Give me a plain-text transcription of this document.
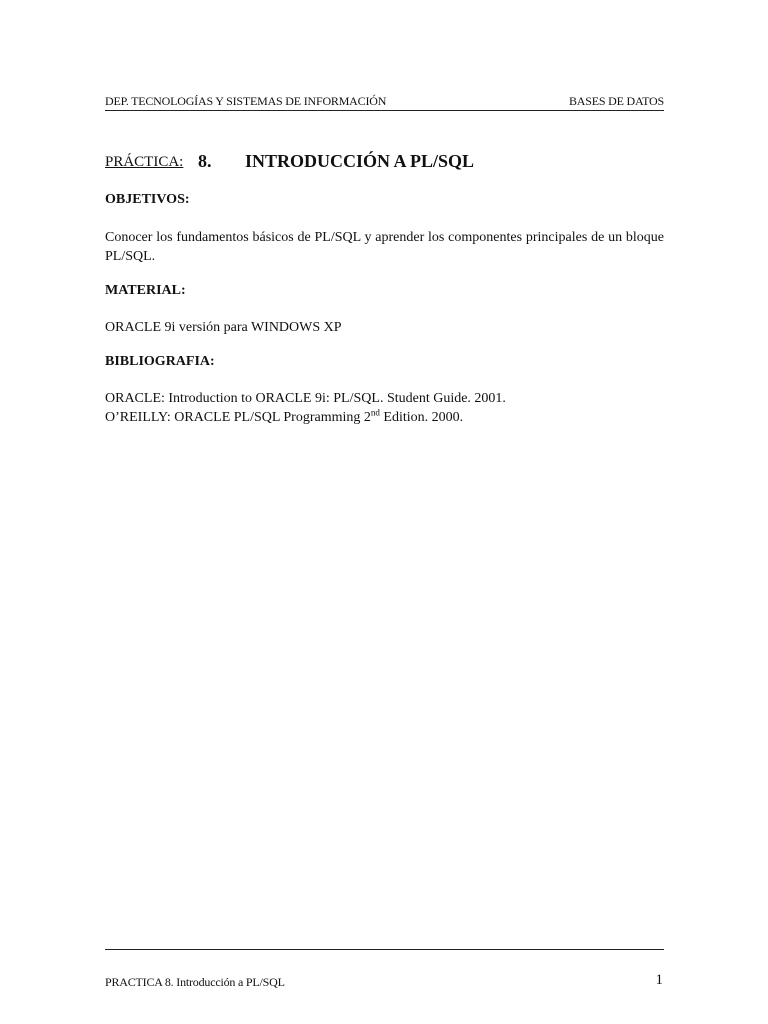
DEP. TECNOLOGÍAS Y SISTEMAS DE INFORMACIÓN	BASES DE DATOS
PRÁCTICA: 8. INTRODUCCIÓN A PL/SQL
OBJETIVOS:
Conocer los fundamentos básicos de PL/SQL y aprender los componentes principales de un bloque PL/SQL.
MATERIAL:
ORACLE 9i versión para WINDOWS XP
BIBLIOGRAFIA:
ORACLE: Introduction to ORACLE 9i: PL/SQL. Student Guide. 2001.
O’REILLY: ORACLE PL/SQL Programming 2nd Edition. 2000.
PRACTICA 8. Introducción a PL/SQL	1
